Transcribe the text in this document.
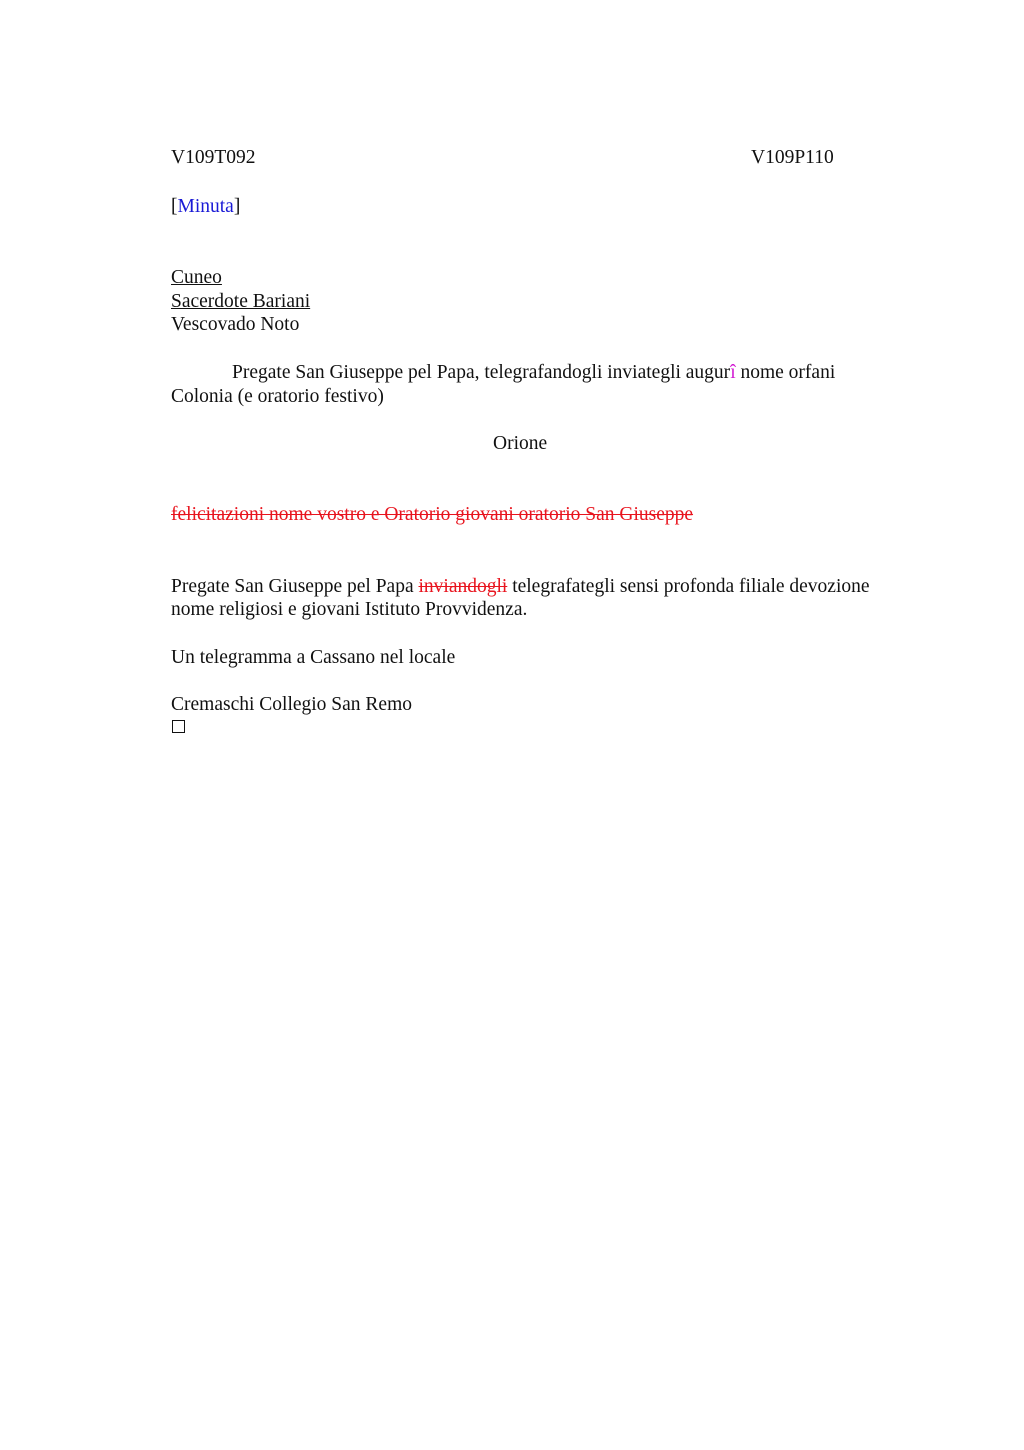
V109T092	V109P110
[Minuta]
Cuneo
Sacerdote Bariani
Vescovado Noto
Pregate San Giuseppe pel Papa, telegrafandogli inviategli augurî nome orfani
Colonia (e oratorio festivo)
Orione
felicitazioni nome vostro e Oratorio giovani oratorio San Giuseppe
Pregate San Giuseppe pel Papa inviandogli telegrafategli sensi profonda filiale devozione
nome religiosi e giovani Istituto Provvidenza.
Un telegramma a Cassano nel locale
Cremaschi Collegio San Remo
